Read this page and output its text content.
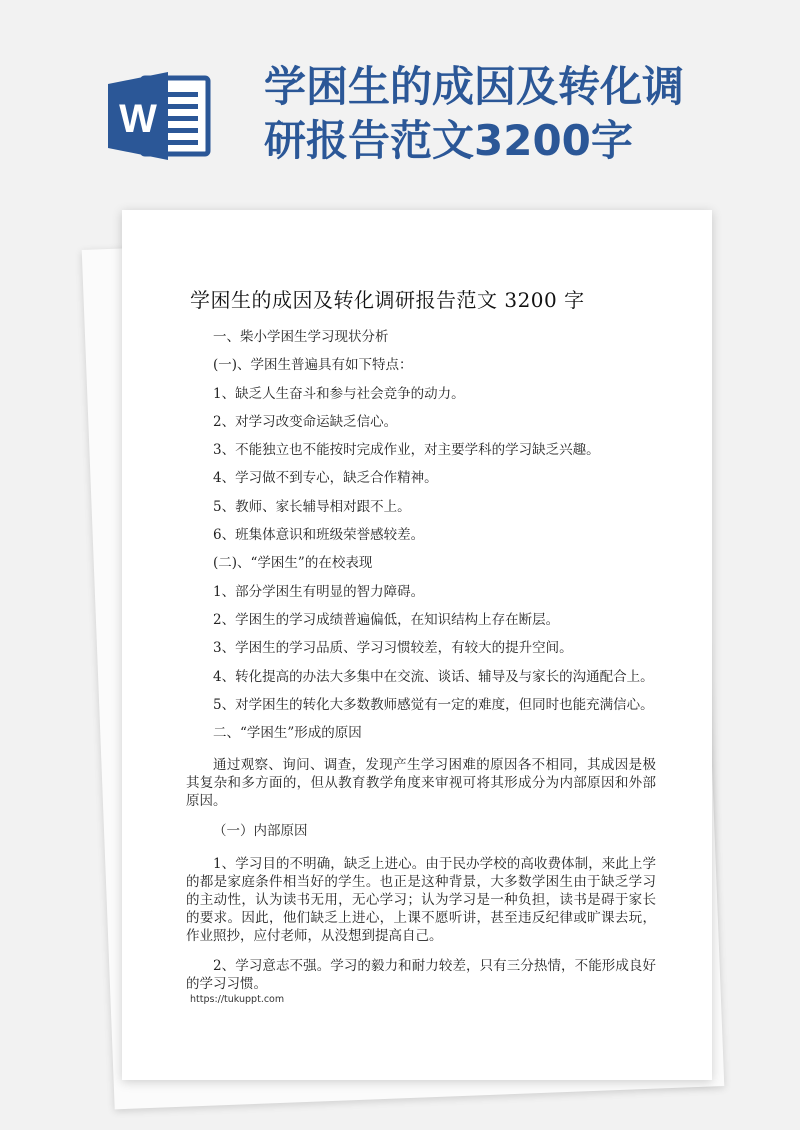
W
学困生的成因及转化调
研报告范文3200字
学困生的成因及转化调研报告范文 3200 字

一、柴小学困生学习现状分析

(一)、学困生普遍具有如下特点：

1、缺乏人生奋斗和参与社会竞争的动力。

2、对学习改变命运缺乏信心。

3、不能独立也不能按时完成作业，对主要学科的学习缺乏兴趣。

4、学习做不到专心，缺乏合作精神。

5、教师、家长辅导相对跟不上。

6、班集体意识和班级荣誉感较差。

(二)、“学困生”的在校表现

1、部分学困生有明显的智力障碍。

2、学困生的学习成绩普遍偏低，在知识结构上存在断层。

3、学困生的学习品质、学习习惯较差，有较大的提升空间。

4、转化提高的办法大多集中在交流、谈话、辅导及与家长的沟通配合上。

5、对学困生的转化大多数教师感觉有一定的难度，但同时也能充满信心。

二、“学困生”形成的原因

通过观察、询问、调查，发现产生学习困难的原因各不相同，其成因是极其复杂和多方面的，但从教育教学角度来审视可将其形成分为内部原因和外部原因。

（一）内部原因

1、学习目的不明确，缺乏上进心。由于民办学校的高收费体制，来此上学的都是家庭条件相当好的学生。也正是这种背景，大多数学困生由于缺乏学习的主动性，认为读书无用，无心学习；认为学习是一种负担，读书是碍于家长的要求。因此，他们缺乏上进心，上课不愿听讲，甚至违反纪律或旷课去玩，作业照抄，应付老师，从没想到提高自己。

2、学习意志不强。学习的毅力和耐力较差，只有三分热情，不能形成良好的学习习惯。

https://tukuppt.com
